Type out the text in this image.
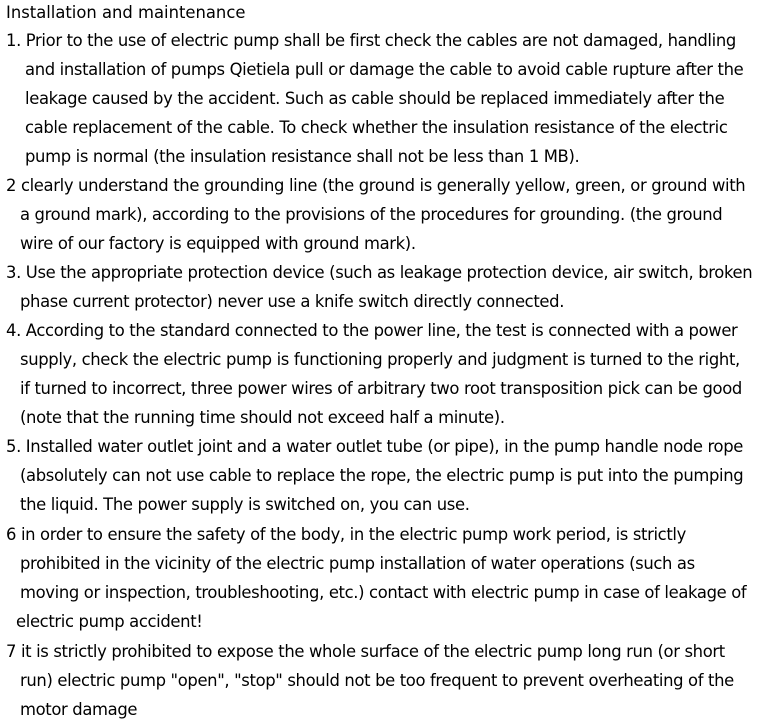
Installation and maintenance
1. Prior to the use of electric pump shall be first check the cables are not damaged, handling
and installation of pumps Qietiela pull or damage the cable to avoid cable rupture after the
leakage caused by the accident. Such as cable should be replaced immediately after the
cable replacement of the cable. To check whether the insulation resistance of the electric
pump is normal (the insulation resistance shall not be less than 1 MB).
2 clearly understand the grounding line (the ground is generally yellow, green, or ground with
a ground mark), according to the provisions of the procedures for grounding. (the ground
wire of our factory is equipped with ground mark).
3. Use the appropriate protection device (such as leakage protection device, air switch, broken
phase current protector) never use a knife switch directly connected.
4. According to the standard connected to the power line, the test is connected with a power
supply, check the electric pump is functioning properly and judgment is turned to the right,
if turned to incorrect, three power wires of arbitrary two root transposition pick can be good
(note that the running time should not exceed half a minute).
5. Installed water outlet joint and a water outlet tube (or pipe), in the pump handle node rope
(absolutely can not use cable to replace the rope, the electric pump is put into the pumping
the liquid. The power supply is switched on, you can use.
6 in order to ensure the safety of the body, in the electric pump work period, is strictly
prohibited in the vicinity of the electric pump installation of water operations (such as
moving or inspection, troubleshooting, etc.) contact with electric pump in case of leakage of
electric pump accident!
7 it is strictly prohibited to expose the whole surface of the electric pump long run (or short
run) electric pump "open", "stop" should not be too frequent to prevent overheating of the
motor damage
